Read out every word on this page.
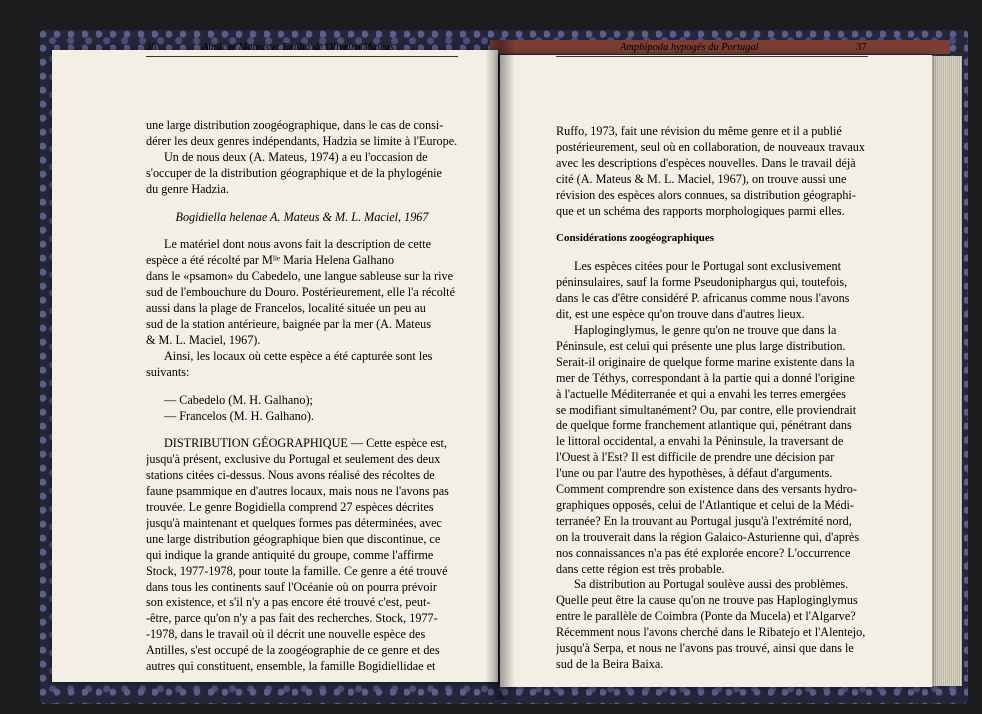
36	Amilcar Mateus et Emilia de Oliveira Mateus	Amphipoda hypogés du Portugal	37
une large distribution zoogéographique, dans le cas de consi-
dérer les deux genres indépendants, Hadzia se limite à l'Europe.
Un de nous deux (A. Mateus, 1974) a eu l'occasion de
s'occuper de la distribution géographique et de la phylogénie
du genre Hadzia.
Bogidiella helenae A. Mateus & M. L. Maciel, 1967
Le matériel dont nous avons fait la description de cette
espèce a été récolté par Mˡˡᵉ Maria Helena Galhano
dans le «psamon» du Cabedelo, une langue sableuse sur la rive
sud de l'embouchure du Douro. Postérieurement, elle l'a récolté
aussi dans la plage de Francelos, localité située un peu au
sud de la station antérieure, baignée par la mer (A. Mateus
& M. L. Maciel, 1967).
Ainsi, les locaux où cette espèce a été capturée sont les
suivants:
— Cabedelo (M. H. Galhano);
— Francelos (M. H. Galhano).
DISTRIBUTION GÉOGRAPHIQUE — Cette espèce est,
jusqu'à présent, exclusive du Portugal et seulement des deux
stations citées ci-dessus. Nous avons réalisé des récoltes de
faune psammique en d'autres locaux, mais nous ne l'avons pas
trouvée. Le genre Bogidiella comprend 27 espèces décrites
jusqu'à maintenant et quelques formes pas déterminées, avec
une large distribution géographique bien que discontinue, ce
qui indique la grande antiquité du groupe, comme l'affirme
Stock, 1977-1978, pour toute la famille. Ce genre a été trouvé
dans tous les continents sauf l'Océanie où on pourra prévoir
son existence, et s'il n'y a pas encore été trouvé c'est, peut-
-être, parce qu'on n'y a pas fait des recherches. Stock, 1977-
-1978, dans le travail où il décrit une nouvelle espèce des
Antilles, s'est occupé de la zoogéographie de ce genre et des
autres qui constituent, ensemble, la famille Bogidiellidae et
Ruffo, 1973, fait une révision du même genre et il a publié
postérieurement, seul où en collaboration, de nouveaux travaux
avec les descriptions d'espèces nouvelles. Dans le travail déjà
cité (A. Mateus & M. L. Maciel, 1967), on trouve aussi une
révision des espèces alors connues, sa distribution géographi-
que et un schéma des rapports morphologiques parmi elles.
Considérations zoogéographiques
Les espèces citées pour le Portugal sont exclusivement
péninsulaires, sauf la forme Pseudoniphargus qui, toutefois,
dans le cas d'être considéré P. africanus comme nous l'avons
dit, est une espèce qu'on trouve dans d'autres lieux.
Haploginglymus, le genre qu'on ne trouve que dans la
Péninsule, est celui qui présente une plus large distribution.
Serait-il originaire de quelque forme marine existente dans la
mer de Téthys, correspondant à la partie qui a donné l'origine
à l'actuelle Méditerranée et qui a envahi les terres emergées
se modifiant simultanément? Ou, par contre, elle proviendrait
de quelque forme franchement atlantique qui, pénétrant dans
le littoral occidental, a envahi la Péninsule, la traversant de
l'Ouest à l'Est? Il est difficile de prendre une décision par
l'une ou par l'autre des hypothèses, à défaut d'arguments.
Comment comprendre son existence dans des versants hydro-
graphiques opposés, celui de l'Atlantique et celui de la Médi-
terranée? En la trouvant au Portugal jusqu'à l'extrémité nord,
on la trouverait dans la région Galaico-Asturienne qui, d'après
nos connaissances n'a pas été explorée encore? L'occurrence
dans cette région est très probable.
Sa distribution au Portugal soulève aussi des problèmes.
Quelle peut être la cause qu'on ne trouve pas Haploginglymus
entre le parallèle de Coimbra (Ponte da Mucela) et l'Algarve?
Récemment nous l'avons cherché dans le Ribatejo et l'Alentejo,
jusqu'à Serpa, et nous ne l'avons pas trouvé, ainsi que dans le
sud de la Beira Baixa.
